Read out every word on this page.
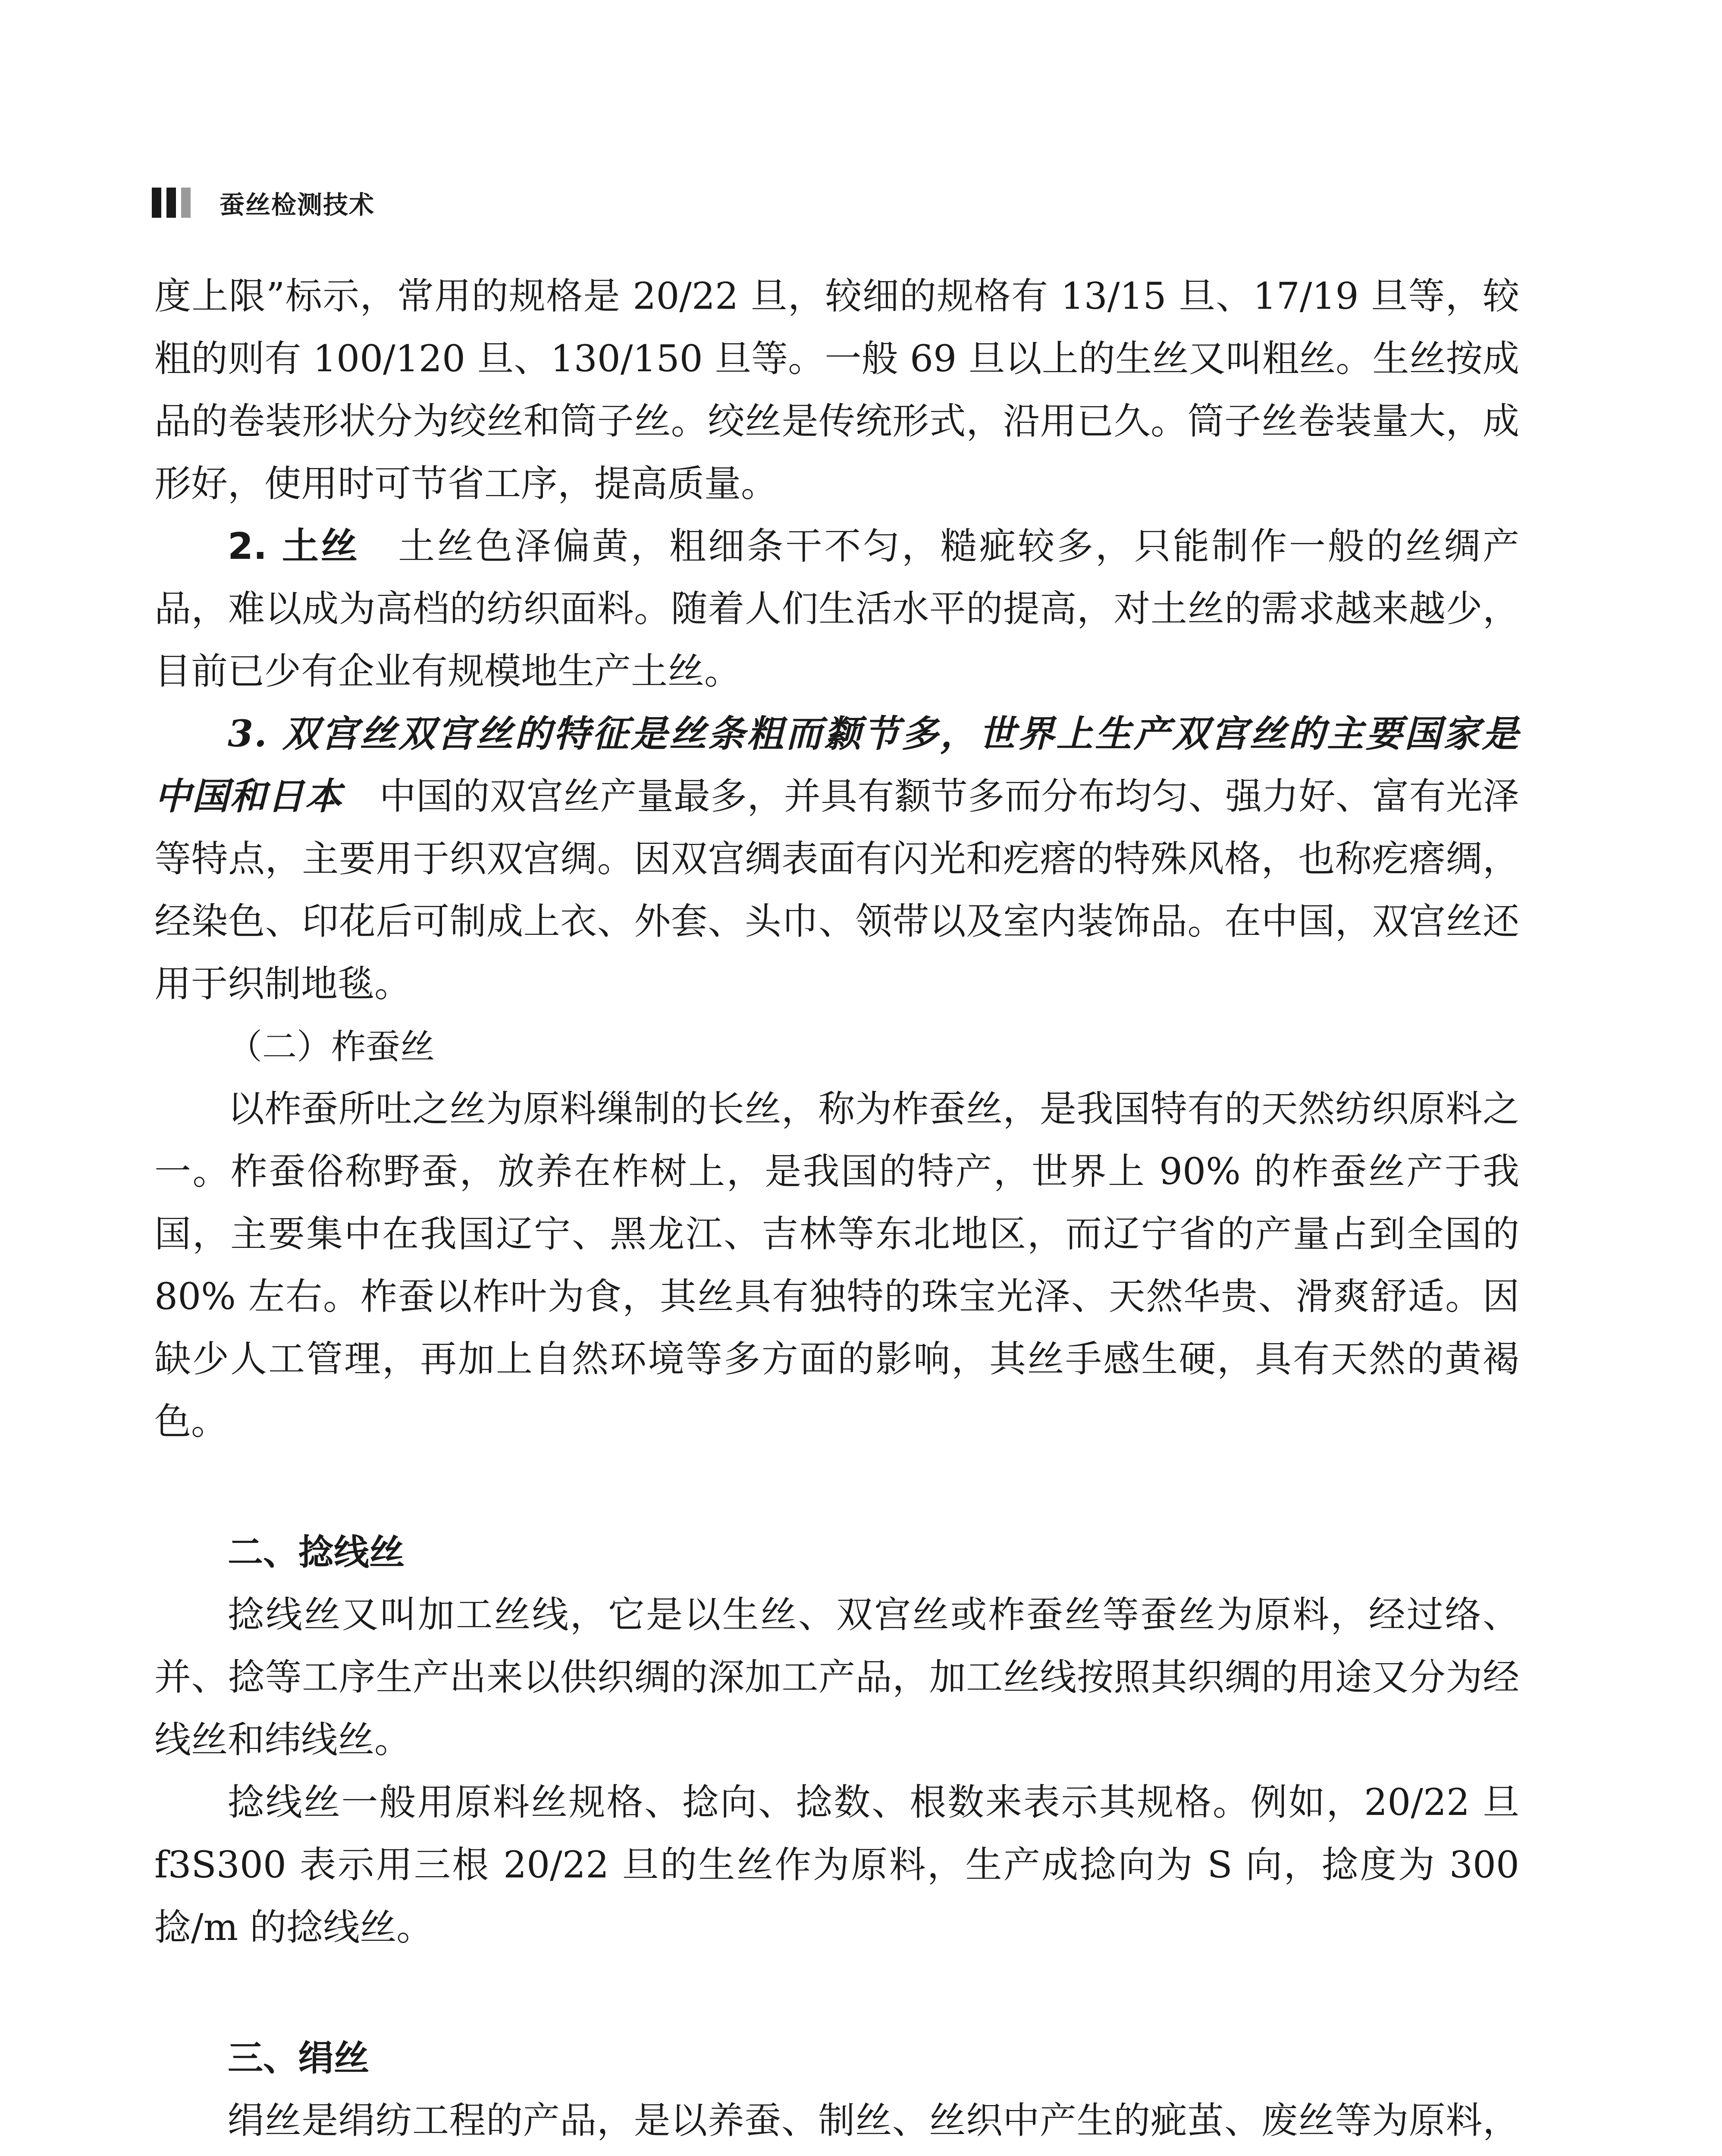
蚕丝检测技术

度上限”标示，常用的规格是 20/22 旦，较细的规格有 13/15 旦、17/19 旦等，较粗的则有 100/120 旦、130/150 旦等。一般 69 旦以上的生丝又叫粗丝。生丝按成品的卷装形状分为绞丝和筒子丝。绞丝是传统形式，沿用已久。筒子丝卷装量大，成形好，使用时可节省工序，提高质量。

2. 土丝  土丝色泽偏黄，粗细条干不匀，糙疵较多，只能制作一般的丝绸产品，难以成为高档的纺织面料。随着人们生活水平的提高，对土丝的需求越来越少，目前已少有企业有规模地生产土丝。

3. 双宫丝双宫丝的特征是丝条粗而颣节多，世界上生产双宫丝的主要国家是中国和日本  中国的双宫丝产量最多，并具有颣节多而分布均匀、强力好、富有光泽等特点，主要用于织双宫绸。因双宫绸表面有闪光和疙瘩的特殊风格，也称疙瘩绸，经染色、印花后可制成上衣、外套、头巾、领带以及室内装饰品。在中国，双宫丝还用于织制地毯。

（二）柞蚕丝

以柞蚕所吐之丝为原料缫制的长丝，称为柞蚕丝，是我国特有的天然纺织原料之一。柞蚕俗称野蚕，放养在柞树上，是我国的特产，世界上 90% 的柞蚕丝产于我国，主要集中在我国辽宁、黑龙江、吉林等东北地区，而辽宁省的产量占到全国的 80% 左右。柞蚕以柞叶为食，其丝具有独特的珠宝光泽、天然华贵、滑爽舒适。因缺少人工管理，再加上自然环境等多方面的影响，其丝手感生硬，具有天然的黄褐色。

二、捻线丝

捻线丝又叫加工丝线，它是以生丝、双宫丝或柞蚕丝等蚕丝为原料，经过络、并、捻等工序生产出来以供织绸的深加工产品，加工丝线按照其织绸的用途又分为经线丝和纬线丝。

捻线丝一般用原料丝规格、捻向、捻数、根数来表示其规格。例如，20/22 旦 f3S300 表示用三根 20/22 旦的生丝作为原料，生产成捻向为 S 向，捻度为 300 捻/m 的捻线丝。

三、绢丝

绢丝是绢纺工程的产品，是以养蚕、制丝、丝织中产生的疵茧、废丝等为原料，
